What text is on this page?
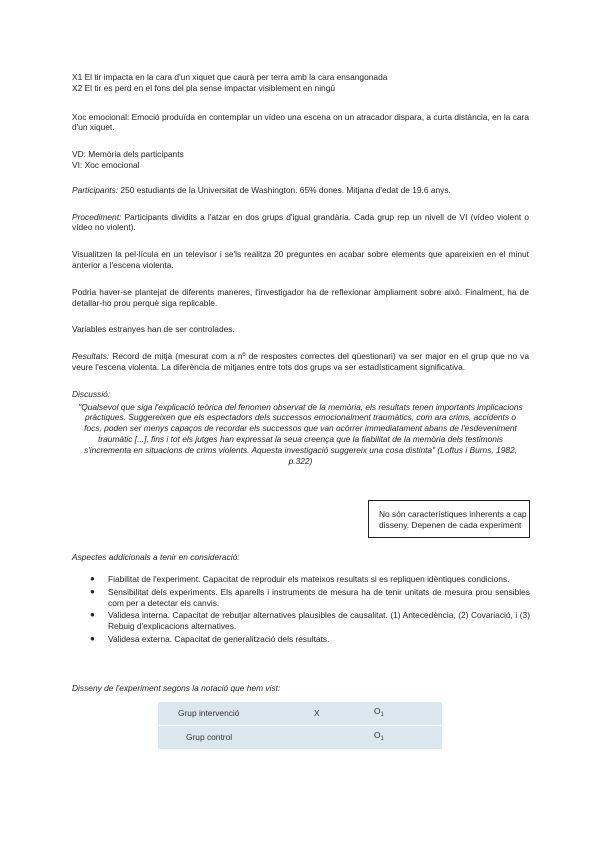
X1 El tir impacta en la cara d'un xiquet que caurà per terra amb la cara ensangonada
X2 El tir es perd en el fons del pla sense impactar visiblement en ningú
Xoc emocional: Emoció produïda en contemplar un vídeo una escena on un atracador dispara, a curta distància, en la cara d'un xiquet.
VD: Memòria dels participants
VI: Xoc emocional
Participants: 250 estudiants de la Universitat de Washington. 65% dones. Mitjana d'edat de 19.6 anys.
Procediment: Participants dividits a l'atzar en dos grups d'igual grandària. Cada grup rep un nivell de VI (vídeo violent o vídeo no violent).
Visualitzen la pel·lícula en un televisor i se'ls realitza 20 preguntes en acabar sobre elements que apareixien en el minut anterior a l'escena violenta.
Podria haver-se plantejat de diferents maneres, l'investigador ha de reflexionar àmpliament sobre això. Finalment, ha de detallar-ho prou perquè siga replicable.
Variables estranyes han de ser controlades.
Resultats: Record de mitjà (mesurat com a nº de respostes correctes del qüestionari) va ser major en el grup que no va veure l'escena violenta. La diferència de mitjanes entre tots dos grups va ser estadísticament significativa.
Discussió:
"Qualsevol que siga l'explicació teòrica del fenomen observat de la memòria, els resultats tenen importants implicacions pràctiques. Suggereixen que els espectadors dels successos emocionalment traumàtics, com ara crims, accidents o focs, poden ser menys capaços de recordar els successos que van ocórrer immediatament abans de l'esdeveniment traumàtic [...], fins i tot els jutges han expressat la seua creença que la fiabilitat de la memòria dels testimonis s'incrementa en situacions de crims violents. Aquesta investigació suggereix una cosa distinta" (Loftus i Burns, 1982, p.322)
No són característiques inherents a cap disseny. Depenen de cada experiment
Aspectes addicionals a tenir en consideració:
● Fiabilitat de l'experiment. Capacitat de reproduir els mateixos resultats si es repliquen idèntiques condicions.
● Sensibilitat dels experiments. Els aparells i instruments de mesura ha de tenir unitats de mesura prou sensibles com per a detectar els canvis.
● Validesa interna. Capacitat de rebutjar alternatives plausibles de causalitat. (1) Antecedència, (2) Covariació, i (3) Rebuig d'explicacions alternatives.
● Validesa externa. Capacitat de generalització dels resultats.
Disseny de l'experiment segons la notació que hem vist:
Grup intervenció	X	$O_1$
Grup control		$O_1$
